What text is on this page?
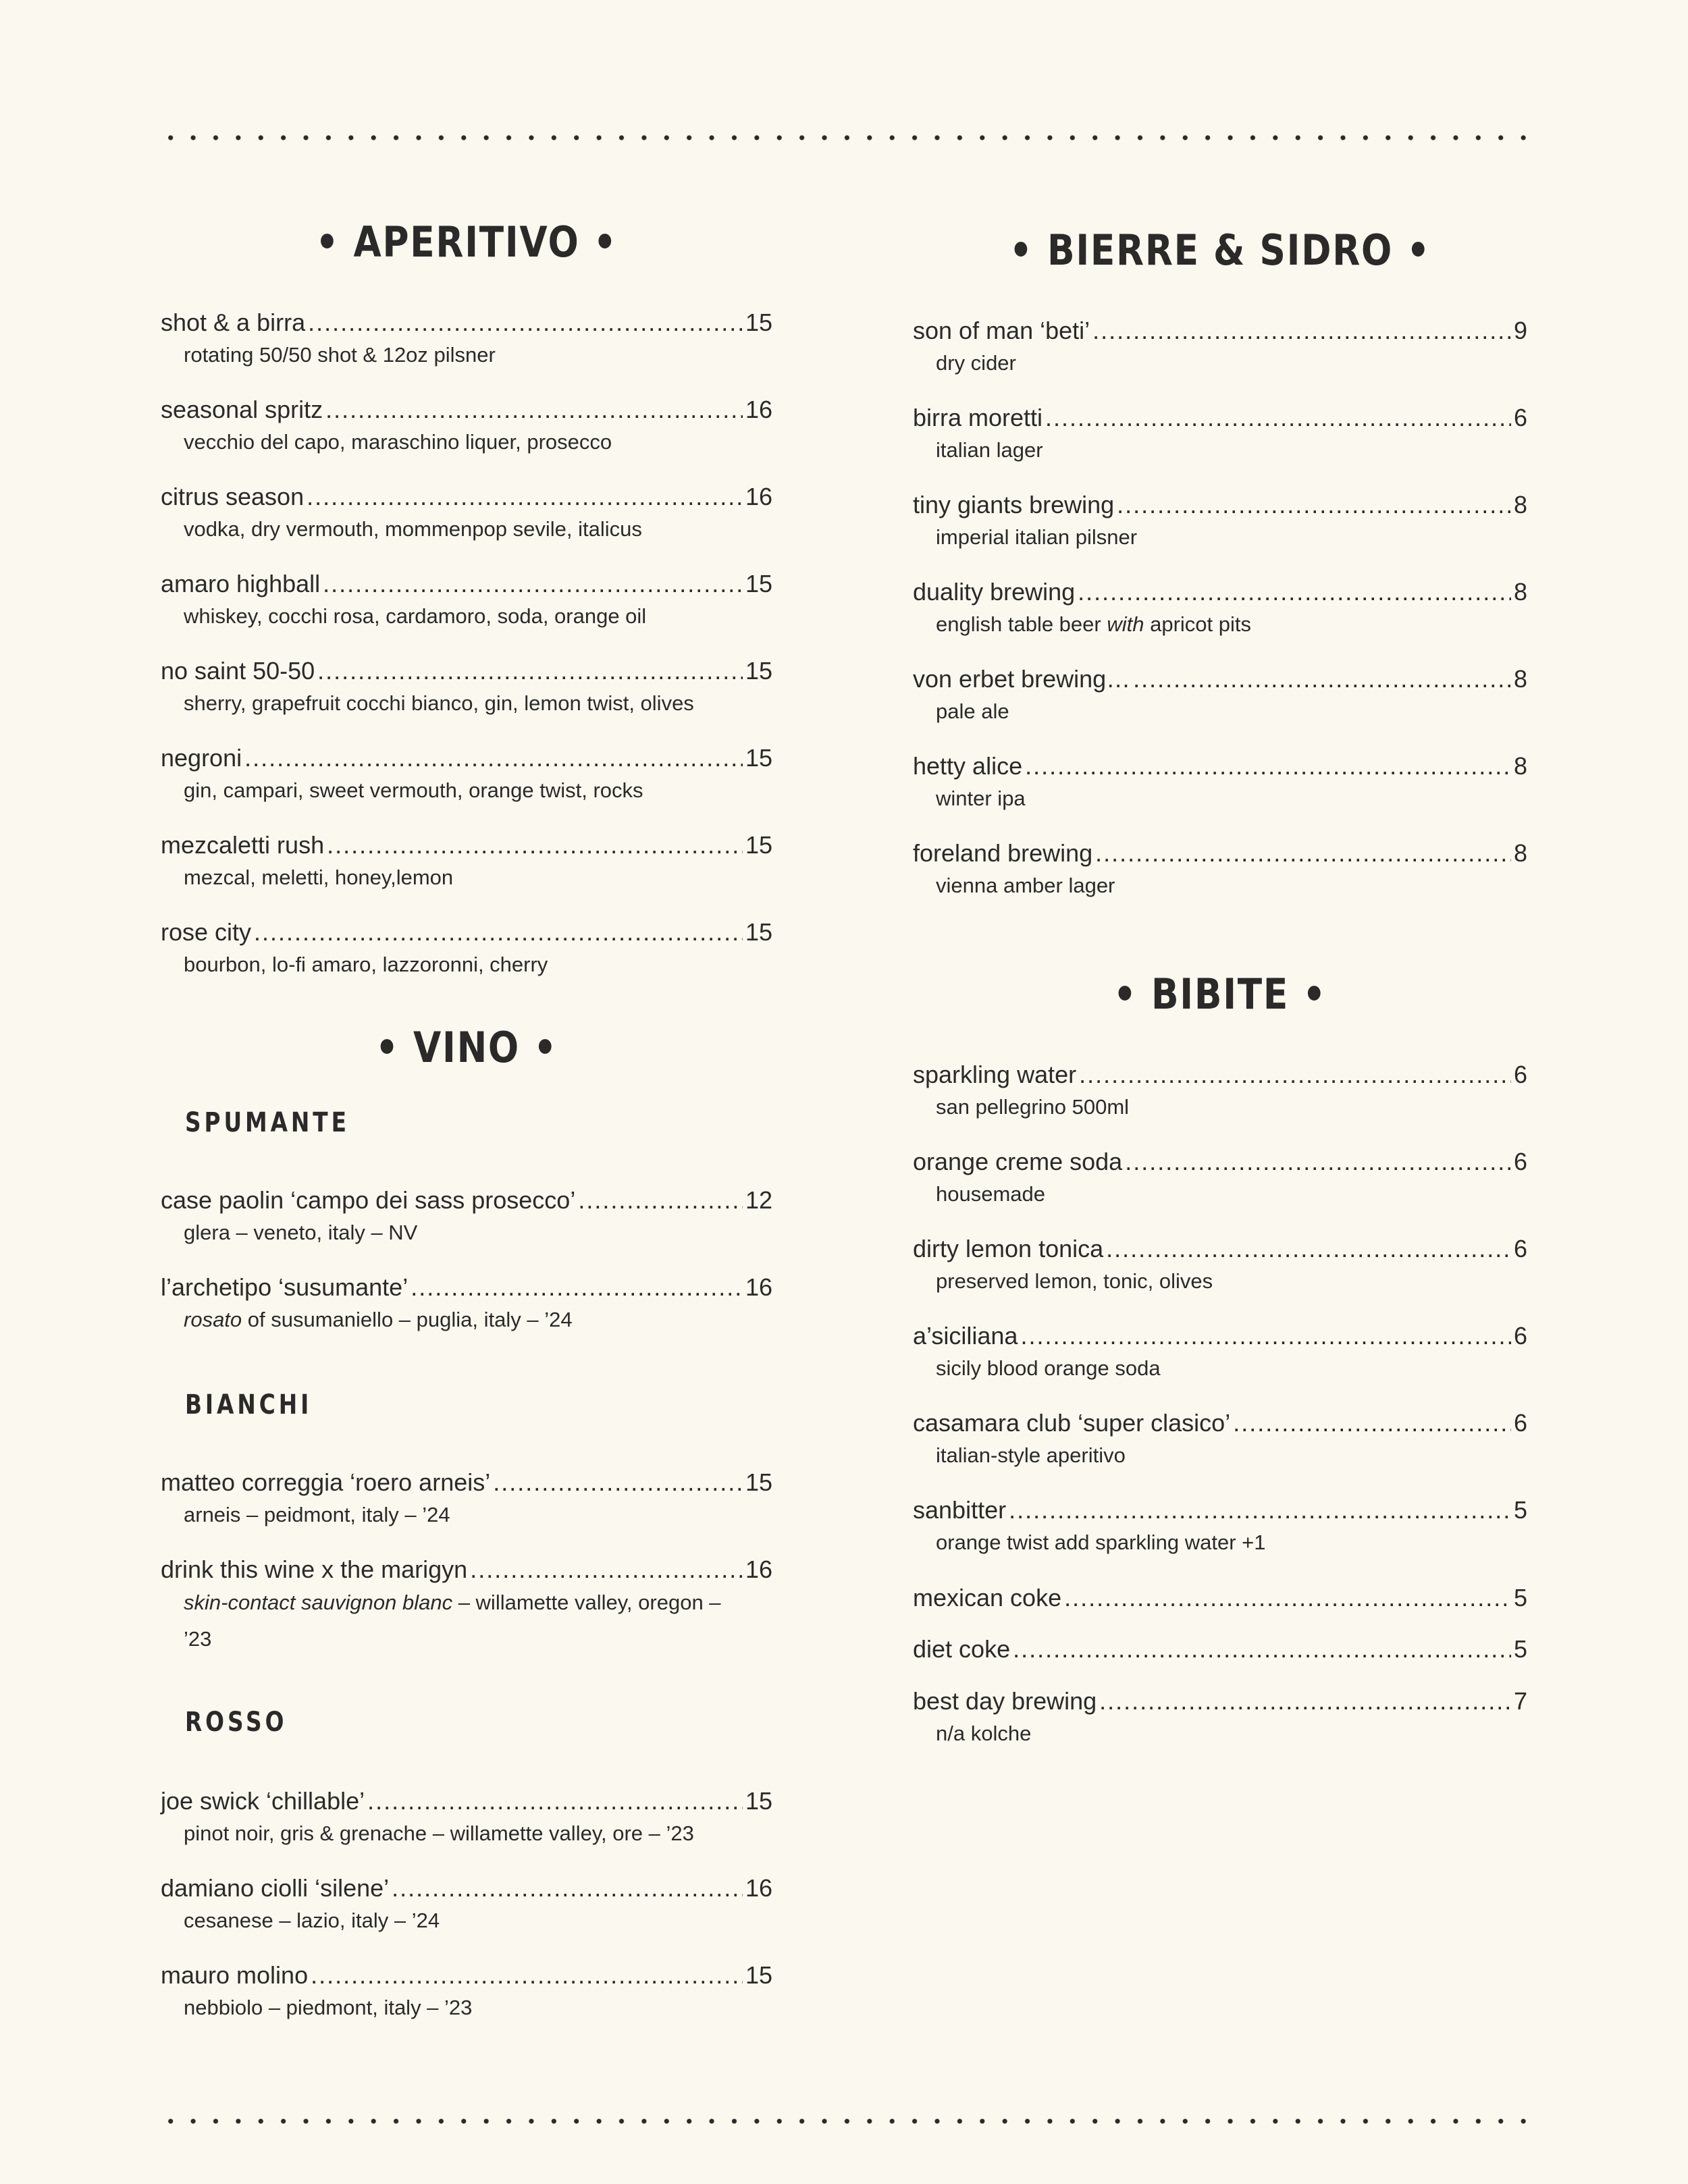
• APERITIVO •
shot & a birra .....	15
rotating 50/50 shot & 12oz pilsner
seasonal spritz .....	16
vecchio del capo, maraschino liquer, prosecco
citrus season .....	16
vodka, dry vermouth, mommenpop sevile, italicus
amaro highball .....	15
whiskey, cocchi rosa, cardamoro, soda, orange oil
no saint 50-50 .....	15
sherry, grapefruit cocchi bianco, gin, lemon twist, olives
negroni .....	15
gin, campari, sweet vermouth, orange twist, rocks
mezcaletti rush .....	15
mezcal, meletti, honey,lemon
rose city .....	15
bourbon, lo-fi amaro, lazzoronni, cherry
• VINO •
SPUMANTE
case paolin ‘campo dei sass prosecco’ .....	12
glera – veneto, italy – NV
l’archetipo ‘susumante’ .....	16
rosato of susumaniello – puglia, italy – ’24
BIANCHI
matteo correggia ‘roero arneis’ .....	15
arneis – peidmont, italy – ’24
drink this wine x the marigyn .....	16
skin-contact sauvignon blanc – willamette valley, oregon – ’23
ROSSO
joe swick ‘chillable’ .....	15
pinot noir, gris & grenache – willamette valley, ore – ’23
damiano ciolli ‘silene’ .....	16
cesanese – lazio, italy – ’24
mauro molino .....	15
nebbiolo – piedmont, italy – ’23
• BIERRE & SIDRO •
son of man ‘beti’ .....	9
dry cider
birra moretti .....	6
italian lager
tiny giants brewing .....	8
imperial italian pilsner
duality brewing .....	8
english table beer with apricot pits
von erbet brewing… .....	8
pale ale
hetty alice .....	8
winter ipa
foreland brewing .....	8
vienna amber lager
• BIBITE •
sparkling water .....	6
san pellegrino 500ml
orange creme soda .....	6
housemade
dirty lemon tonica .....	6
preserved lemon, tonic, olives
a’siciliana .....	6
sicily blood orange soda
casamara club ‘super clasico’ .....	6
italian-style aperitivo
sanbitter .....	5
orange twist add sparkling water +1
mexican coke .....	5
diet coke .....	5
best day brewing .....	7
n/a kolche
